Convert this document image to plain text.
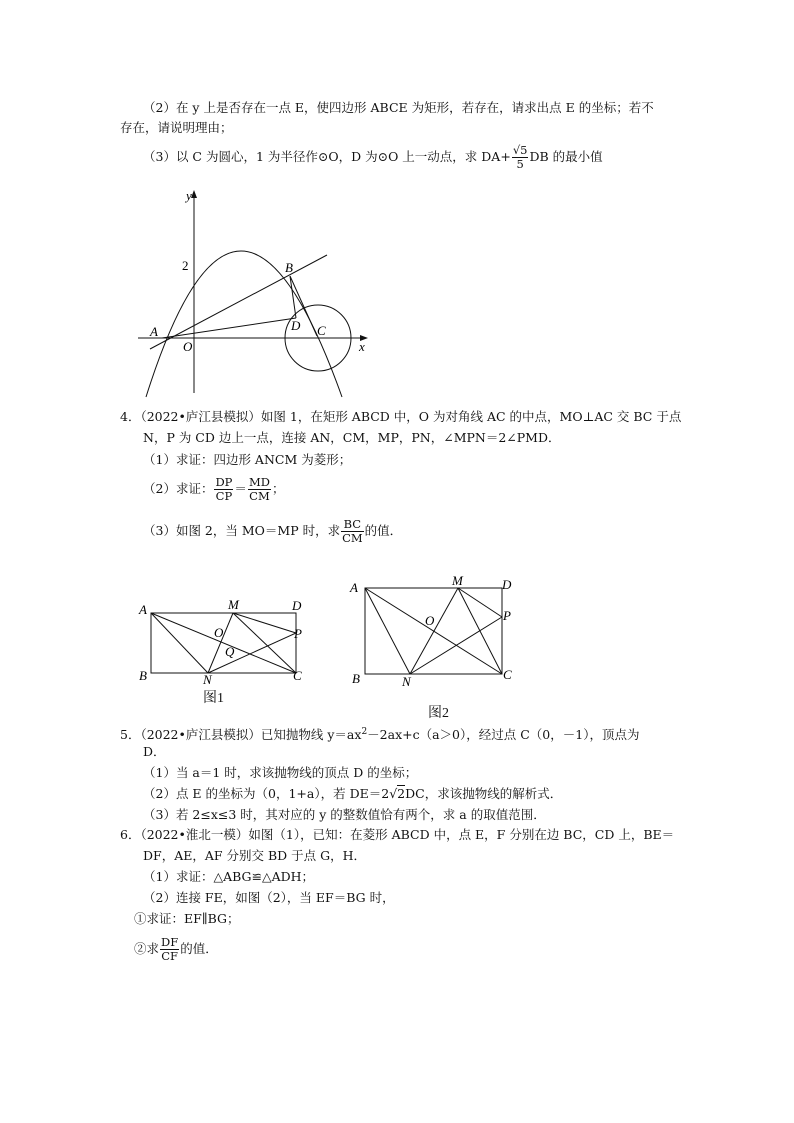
（2）在 y 上是否存在一点 E，使四边形 ABCE 为矩形，若存在，请求出点 E 的坐标；若不
存在，请说明理由；
（3）以 C 为圆心，1 为半径作⊙O，D 为⊙O 上一动点，求 $DA+ \frac{√5}{5}$ DB 的最小值
y
x
2
A
O
B
D C
4．（2022•庐江县模拟）如图 1，在矩形 ABCD 中，O 为对角线 AC 的中点，MO⊥AC 交 BC 于点
N，P 为 CD 边上一点，连接 AN，CM，MP，PN，∠MPN＝2∠PMD．
（1）求证：四边形 ANCM 为菱形；
（2）求证： $\frac{DP}{CP} = \frac{MD}{CM}$ ；
（3）如图 2，当 MO＝MP 时，求 $\frac{BC}{CM}$ 的值．
A	M	D
O	P
Q
B	N	C
图1
A	M	D
O	P
B	N	C
图2
5．（2022•庐江县模拟）已知抛物线 $y=ax^2-2ax+c(a>0)$，经过点 C（0，－1），顶点为
D．
（1）当 a＝1 时，求该抛物线的顶点 D 的坐标；
（2）点 E 的坐标为（0，1+a），若 DE＝2√2DC，求该抛物线的解析式．
（3）若 2≤x≤3 时，其对应的 y 的整数值恰有两个，求 a 的取值范围．
6．（2022•淮北一模）如图（1），已知：在菱形 ABCD 中，点 E，F 分别在边 BC，CD 上，BE＝
DF，AE，AF 分别交 BD 于点 G，H．
（1）求证：△ABG≌△ADH；
（2）连接 FE，如图（2），当 EF＝BG 时，
①求证：EF∥BG；
②求 $\frac{DF}{CF}$ 的值．
